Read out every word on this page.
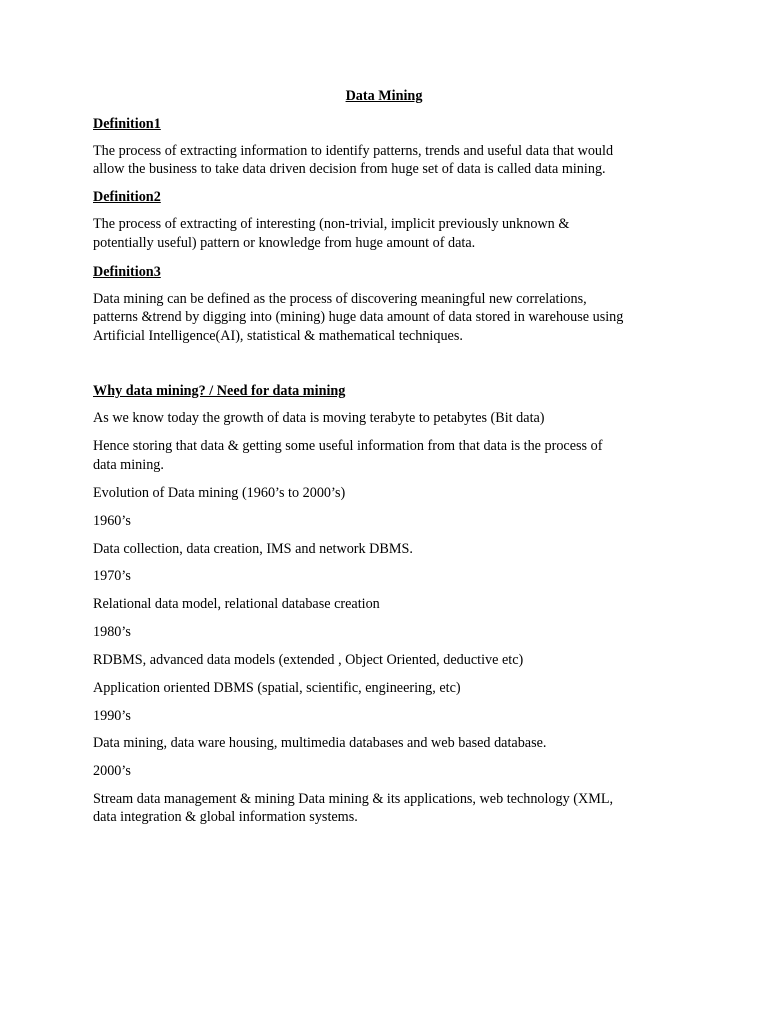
Data Mining
Definition1
The process of extracting information to identify patterns, trends and useful data that would
allow the business to take data driven decision from huge set of data is called data mining.
Definition2
The process of extracting of interesting (non-trivial, implicit previously unknown &
potentially useful) pattern or knowledge from huge amount of data.
Definition3
Data mining can be defined as the process of discovering meaningful new correlations,
patterns &trend by digging into (mining) huge data amount of data stored in warehouse using
Artificial Intelligence(AI), statistical & mathematical techniques.
Why data mining? / Need for data mining
As we know today the growth of data is moving terabyte to petabytes (Bit data)
Hence storing that data & getting some useful information from that data is the process of
data mining.
Evolution of Data mining (1960’s to 2000’s)
1960’s
Data collection, data creation, IMS and network DBMS.
1970’s
Relational data model, relational database creation
1980’s
RDBMS, advanced data models (extended , Object Oriented, deductive etc)
Application oriented DBMS (spatial, scientific, engineering, etc)
1990’s
Data mining, data ware housing, multimedia databases and web based database.
2000’s
Stream data management & mining Data mining & its applications, web technology (XML,
data integration & global information systems.
